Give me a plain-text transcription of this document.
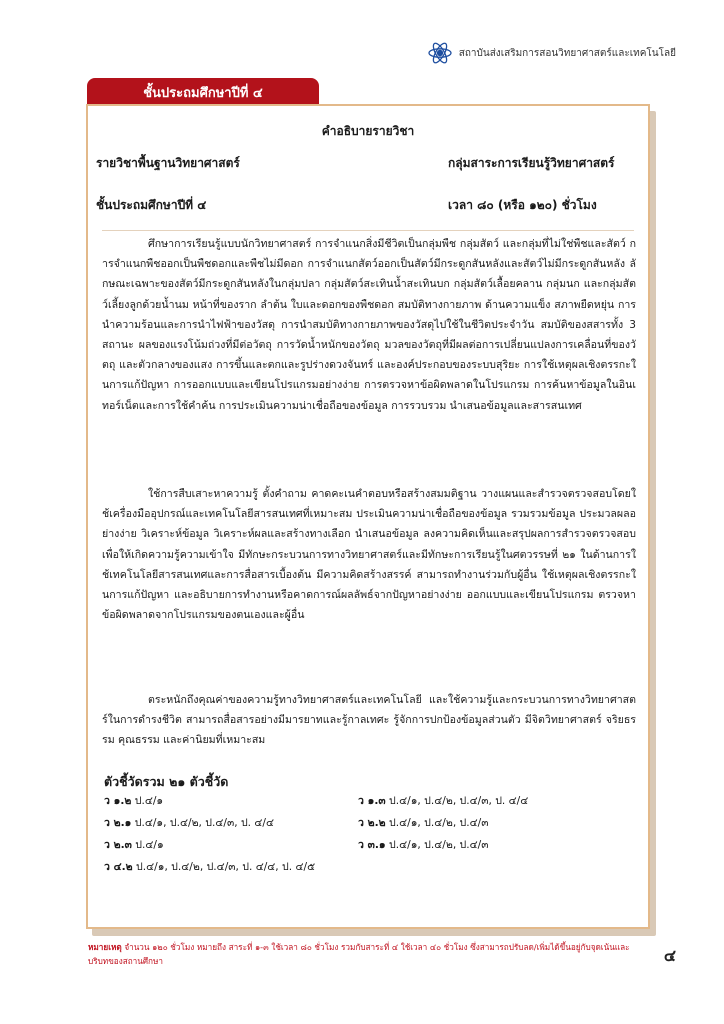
สถาบันส่งเสริมการสอนวิทยาศาสตร์และเทคโนโลยี
ชั้นประถมศึกษาปีที่ ๔
คำอธิบายรายวิชา
รายวิชาพื้นฐานวิทยาศาสตร์	กลุ่มสาระการเรียนรู้วิทยาศาสตร์
ชั้นประถมศึกษาปีที่ ๔	เวลา ๘๐ (หรือ ๑๒๐) ชั่วโมง

ศึกษาการเรียนรู้แบบนักวิทยาศาสตร์ การจำแนกสิ่งมีชีวิตเป็นกลุ่มพืช กลุ่มสัตว์ และกลุ่มที่ไม่ใช่พืชและสัตว์ การจำแนกพืชออกเป็นพืชดอกและพืชไม่มีดอก การจำแนกสัตว์ออกเป็นสัตว์มีกระดูกสันหลังและสัตว์ไม่มีกระดูกสันหลัง ลักษณะเฉพาะของสัตว์มีกระดูกสันหลังในกลุ่มปลา กลุ่มสัตว์สะเทินน้ำสะเทินบก กลุ่มสัตว์เลื้อยคลาน กลุ่มนก และกลุ่มสัตว์เลี้ยงลูกด้วยน้ำนม หน้าที่ของราก ลำต้น ใบและดอกของพืชดอก สมบัติทางกายภาพ ด้านความแข็ง สภาพยืดหยุ่น การนำความร้อนและการนำไฟฟ้าของวัสดุ การนำสมบัติทางกายภาพของวัสดุไปใช้ในชีวิตประจำวัน สมบัติของสสารทั้ง 3 สถานะ ผลของแรงโน้มถ่วงที่มีต่อวัตถุ การวัดน้ำหนักของวัตถุ มวลของวัตถุที่มีผลต่อการเปลี่ยนแปลงการเคลื่อนที่ของวัตถุ และตัวกลางของแสง การขึ้นและตกและรูปร่างดวงจันทร์ และองค์ประกอบของระบบสุริยะ การใช้เหตุผลเชิงตรรกะในการแก้ปัญหา การออกแบบและเขียนโปรแกรมอย่างง่าย การตรวจหาข้อผิดพลาดในโปรแกรม การค้นหาข้อมูลในอินเทอร์เน็ตและการใช้คำค้น การประเมินความน่าเชื่อถือของข้อมูล การรวบรวม นำเสนอข้อมูลและสารสนเทศ

ใช้การสืบเสาะหาความรู้ ตั้งคำถาม คาดคะเนคำตอบหรือสร้างสมมติฐาน วางแผนและสำรวจตรวจสอบโดยใช้เครื่องมืออุปกรณ์และเทคโนโลยีสารสนเทศที่เหมาะสม ประเมินความน่าเชื่อถือของข้อมูล รวมรวมข้อมูล ประมวลผลอย่างง่าย วิเคราะห์ข้อมูล วิเคราะห์ผลและสร้างทางเลือก นำเสนอข้อมูล ลงความคิดเห็นและสรุปผลการสำรวจตรวจสอบ เพื่อให้เกิดความรู้ความเข้าใจ มีทักษะกระบวนการทางวิทยาศาสตร์และมีทักษะการเรียนรู้ในศตวรรษที่ ๒๑ ในด้านการใช้เทคโนโลยีสารสนเทศและการสื่อสารเบื้องต้น มีความคิดสร้างสรรค์ สามารถทำงานร่วมกับผู้อื่น ใช้เหตุผลเชิงตรรกะในการแก้ปัญหา และอธิบายการทำงานหรือคาดการณ์ผลลัพธ์จากปัญหาอย่างง่าย ออกแบบและเขียนโปรแกรม ตรวจหาข้อผิดพลาดจากโปรแกรมของตนเองและผู้อื่น

ตระหนักถึงคุณค่าของความรู้ทางวิทยาศาสตร์และเทคโนโลยี และใช้ความรู้และกระบวนการทางวิทยาศาสตร์ในการดำรงชีวิต สามารถสื่อสารอย่างมีมารยาทและรู้กาลเทศะ รู้จักการปกป้องข้อมูลส่วนตัว มีจิตวิทยาศาสตร์ จริยธรรม คุณธรรม และค่านิยมที่เหมาะสม

ตัวชี้วัดรวม ๒๑ ตัวชี้วัด
ว ๑.๒ ป.๔/๑	ว ๑.๓ ป.๔/๑, ป.๔/๒, ป.๔/๓, ป. ๔/๔
ว ๒.๑ ป.๔/๑, ป.๔/๒, ป.๔/๓, ป. ๔/๔	ว ๒.๒ ป.๔/๑, ป.๔/๒, ป.๔/๓
ว ๒.๓ ป.๔/๑	ว ๓.๑ ป.๔/๑, ป.๔/๒, ป.๔/๓
ว ๔.๒ ป.๔/๑, ป.๔/๒, ป.๔/๓, ป. ๔/๔, ป. ๔/๕
หมายเหตุ จำนวน ๑๒๐ ชั่วโมง หมายถึง สาระที่ ๑-๓ ใช้เวลา ๘๐ ชั่วโมง รวมกับสาระที่ ๔ ใช้เวลา ๔๐ ชั่วโมง ซึ่งสามารถปรับลด/เพิ่มได้ขึ้นอยู่กับจุดเน้นและบริบทของสถานศึกษา	๔
